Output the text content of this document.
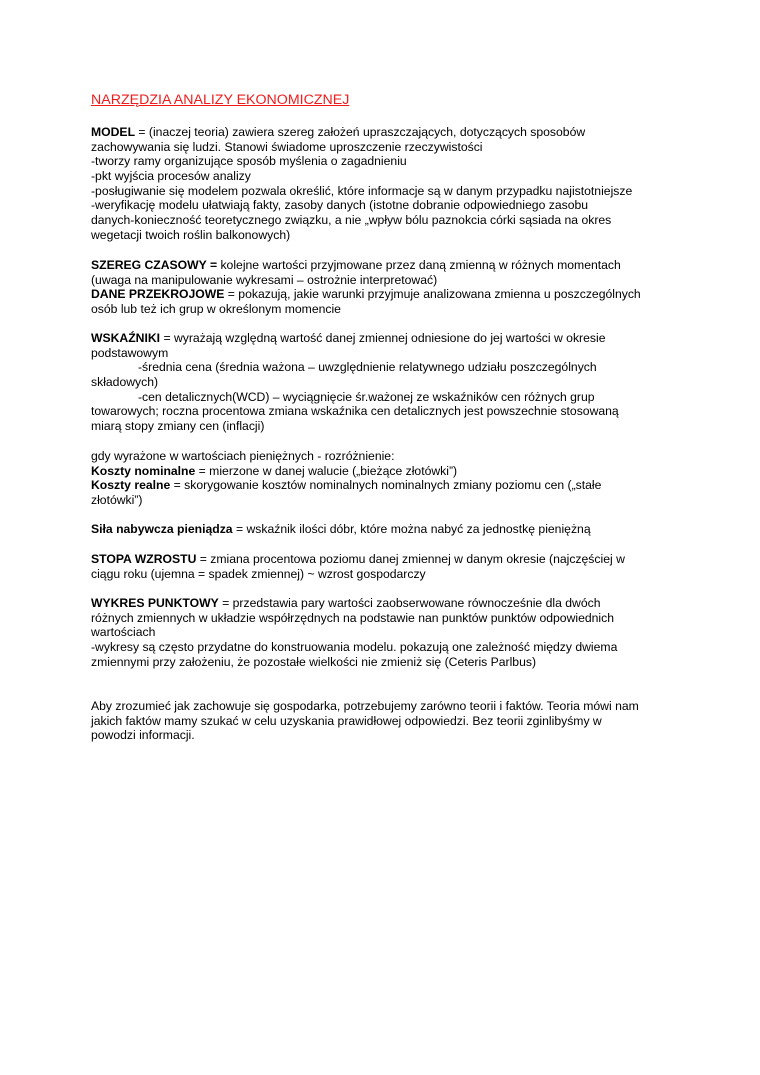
NARZĘDZIA ANALIZY EKONOMICZNEJ
MODEL = (inaczej teoria) zawiera szereg założeń upraszczających, dotyczących sposobów
zachowywania się ludzi. Stanowi świadome uproszczenie rzeczywistości
-tworzy ramy organizujące sposób myślenia o zagadnieniu
-pkt wyjścia procesów analizy
-posługiwanie się modelem pozwala określić, które informacje są w danym przypadku najistotniejsze
-weryfikację modelu ułatwiają fakty, zasoby danych (istotne dobranie odpowiedniego zasobu
danych-konieczność teoretycznego związku, a nie „wpływ bólu paznokcia córki sąsiada na okres
wegetacji twoich roślin balkonowych)
SZEREG CZASOWY = kolejne wartości przyjmowane przez daną zmienną w różnych momentach
(uwaga na manipulowanie wykresami – ostrożnie interpretować)
DANE PRZEKROJOWE = pokazują, jakie warunki przyjmuje analizowana zmienna u poszczególnych
osób lub też ich grup w określonym momencie
WSKAŹNIKI = wyrażają względną wartość danej zmiennej odniesione do jej wartości w okresie
podstawowym
-średnia cena (średnia ważona – uwzględnienie relatywnego udziału poszczególnych
składowych)
-cen detalicznych(WCD) – wyciągnięcie śr.ważonej ze wskaźników cen różnych grup
towarowych; roczna procentowa zmiana wskaźnika cen detalicznych jest powszechnie stosowaną
miarą stopy zmiany cen (inflacji)
gdy wyrażone w wartościach pieniężnych - rozróżnienie:
Koszty nominalne = mierzone w danej walucie („bieżące złotówki”)
Koszty realne = skorygowanie kosztów nominalnych nominalnych zmiany poziomu cen („stałe
złotówki”)
Siła nabywcza pieniądza = wskaźnik ilości dóbr, które można nabyć za jednostkę pieniężną
STOPA WZROSTU = zmiana procentowa poziomu danej zmiennej w danym okresie (najczęściej w
ciągu roku (ujemna = spadek zmiennej) ~ wzrost gospodarczy
WYKRES PUNKTOWY = przedstawia pary wartości zaobserwowane równocześnie dla dwóch
różnych zmiennych w układzie współrzędnych na podstawie nan punktów punktów odpowiednich
wartościach
-wykresy są często przydatne do konstruowania modelu. pokazują one zależność między dwiema
zmiennymi przy założeniu, że pozostałe wielkości nie zmieniż się (Ceteris Parlbus)
Aby zrozumieć jak zachowuje się gospodarka, potrzebujemy zarówno teorii i faktów. Teoria mówi nam
jakich faktów mamy szukać w celu uzyskania prawidłowej odpowiedzi. Bez teorii zginlibyśmy w
powodzi informacji.
